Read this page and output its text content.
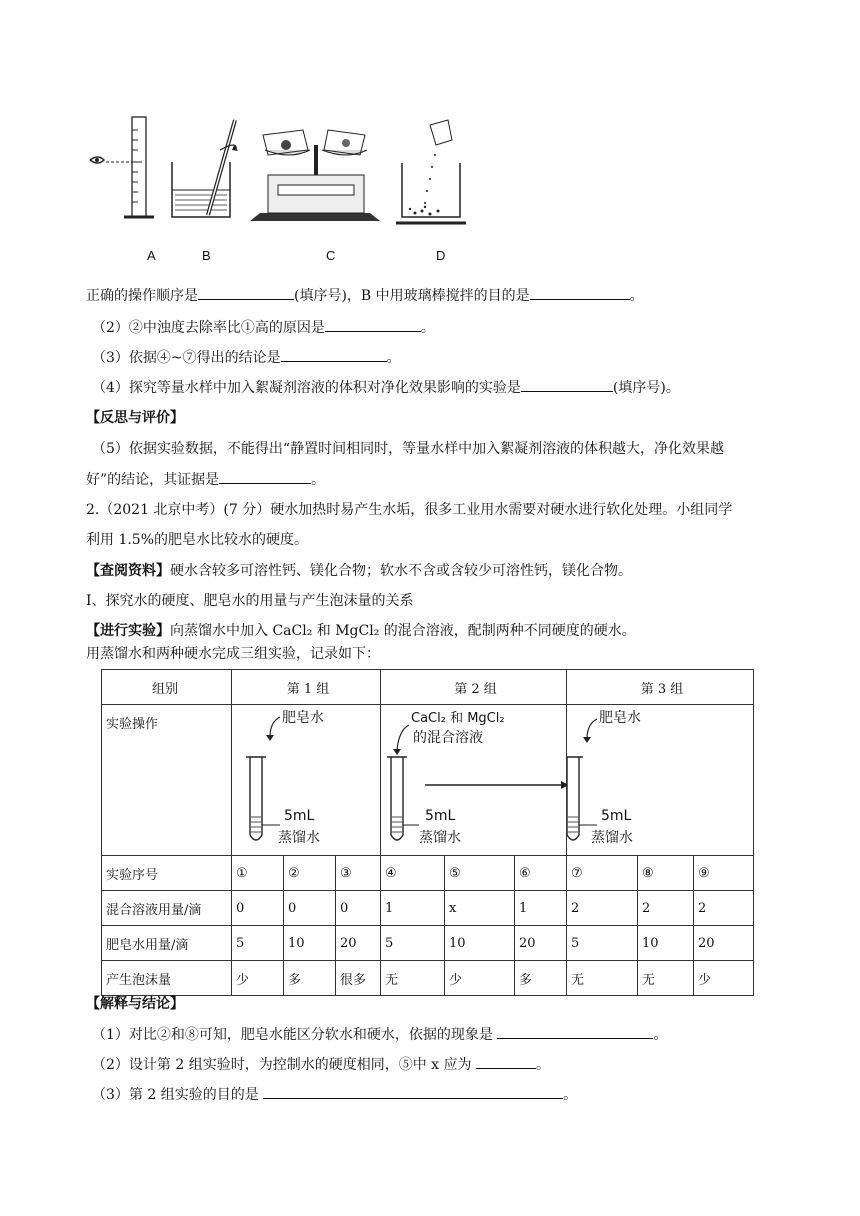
A	B	C	D
正确的操作顺序是	(填序号)，B 中用玻璃棒搅拌的目的是	。
（2）②中浊度去除率比①高的原因是	。
（3）依据④~⑦得出的结论是	。
（4）探究等量水样中加入絮凝剂溶液的体积对净化效果影响的实验是	(填序号)。
【反思与评价】
（5）依据实验数据，不能得出“静置时间相同时，等量水样中加入絮凝剂溶液的体积越大，净化效果越
好”的结论，其证据是	。
2.（2021 北京中考）(7 分）硬水加热时易产生水垢，很多工业用水需要对硬水进行软化处理。小组同学
利用 1.5%的肥皂水比较水的硬度。
【查阅资料】硬水含较多可溶性钙、镁化合物；软水不含或含较少可溶性钙，镁化合物。
Ⅰ、探究水的硬度、肥皂水的用量与产生泡沫量的关系
【进行实验】向蒸馏水中加入 CaCl₂ 和 MgCl₂ 的混合溶液，配制两种不同硬度的硬水。
用蒸馏水和两种硬水完成三组实验，记录如下：
组别	第 1 组			第 2 组			第 3 组		

实验操作	肥皂水
5mL
蒸馏水			CaCl₂ 和 MgCl₂
的混合溶液
5mL
蒸馏水			肥皂水
5mL
蒸馏水		

实验序号	①	②	③	④	⑤	⑥	⑦	⑧	⑨
混合溶液用量/滴	0	0	0	1	x	1	2	2	2
肥皂水用量/滴	5	10	20	5	10	20	5	10	20
产生泡沫量	少	多	很多	无	少	多	无	无	少
【解释与结论】
（1）对比②和⑧可知，肥皂水能区分软水和硬水，依据的现象是	。
（2）设计第 2 组实验时，为控制水的硬度相同，⑤中 x 应为	。
（3）第 2 组实验的目的是	。
